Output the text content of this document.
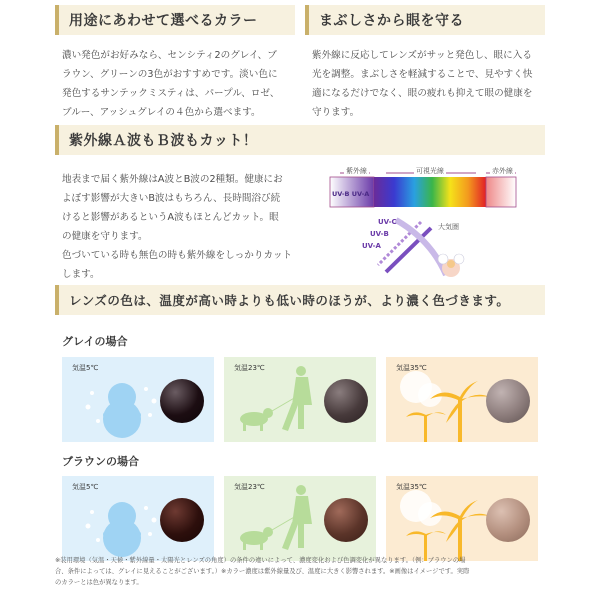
用途にあわせて選べるカラー	まぶしさから眼を守る
濃い発色がお好みなら、センシティ2のグレイ、ブ
ラウン、グリーンの3色がおすすめです。淡い色に
発色するサンテックミスティは、パープル、ロゼ、
ブルー、アッシュグレイの４色から選べます。
紫外線に反応してレンズがサッと発色し、眼に入る
光を調整。まぶしさを軽減することで、見やすく快
適になるだけでなく、眼の疲れも抑えて眼の健康を
守ります。
紫外線Ａ波もＢ波もカット！
地表まで届く紫外線はA波とB波の2種類。健康にお
よぼす影響が大きいB波はもちろん、長時間浴び続
けると影響があるというA波もほとんどカット。眼
の健康を守ります。
色づいている時も無色の時も紫外線をしっかりカット
します。
紫外線	可視光線	赤外線
UV-B UV-A
UV-C
UV-B
UV-A
大気圏
レンズの色は、温度が高い時よりも低い時のほうが、より濃く色づきます。
グレイの場合
気温5℃	気温23℃	気温35℃
ブラウンの場合
気温5℃	気温23℃	気温35℃
※装用環境（気温・天候・紫外線量・太陽光とレンズの角度）の条件の違いによって、濃度変化および色調変化が異なります。（例：ブラウンの場
合、条件によっては、グレイに見えることがございます。）※カラー濃度は紫外線量及び、温度に大きく影響されます。※画像はイメージです。実際
のカラーとは色が異なります。
